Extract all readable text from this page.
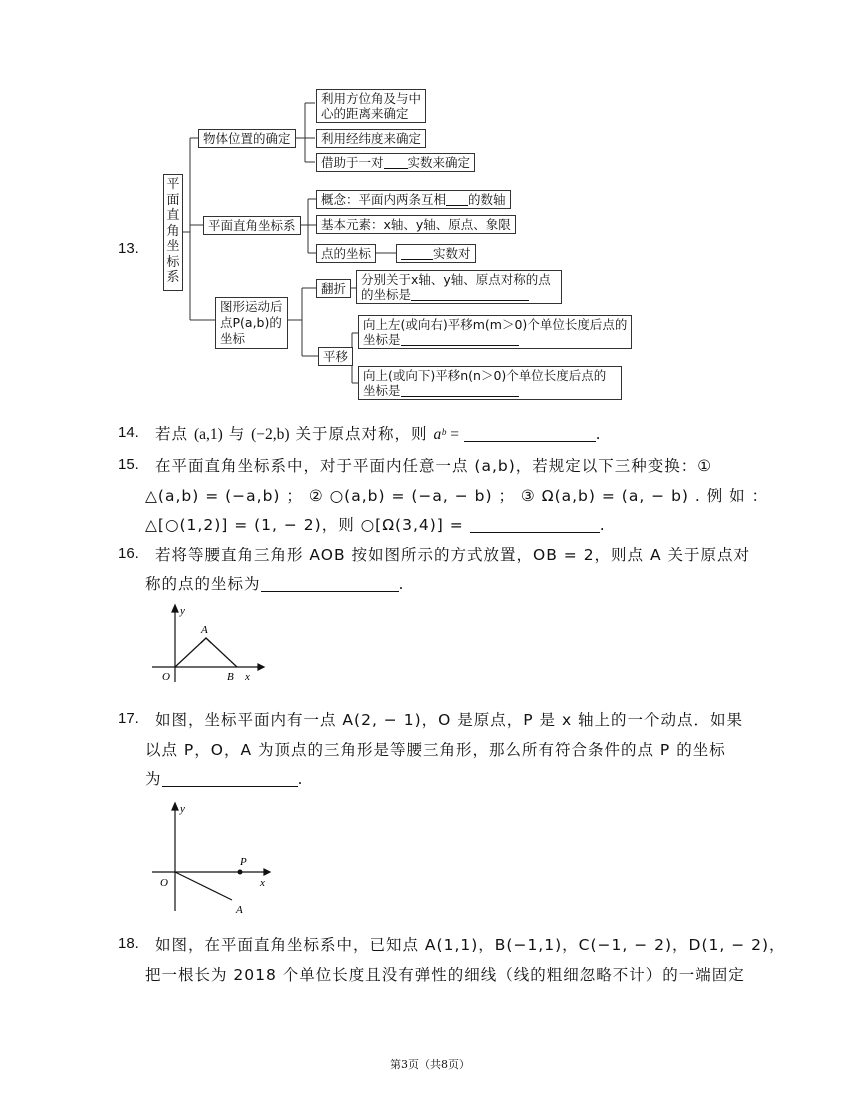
13.
平面直角坐标系
物体位置的确定
利用方位角及与中
心的距离来确定
利用经纬度来确定
借助于一对 实数来确定
平面直角坐标系
概念：平面内两条互相 的数轴
基本元素：x轴、y轴、原点、象限
点的坐标	实数对
图形运动后
点P(a,b)的
坐标
翻折
分别关于x轴、y轴、原点对称的点
的坐标是
平移
向上左(或向右)平移m(m＞0)个单位长度后点的
坐标是
向上(或向下)平移n(n＞0)个单位长度后点的
坐标是
14. 若点 (a,1) 与 (−2,b) 关于原点对称，则 aᵇ =	.
15. 在平面直角坐标系中，对于平面内任意一点 (a,b)，若规定以下三种变换：①
△(a,b) = (−a,b) ； ② ○(a,b) = (−a, − b) ； ③ Ω(a,b) = (a, − b) . 例 如 ：
△[○(1,2)] = (1, − 2)，则 ○[Ω(3,4)] =	.
16. 若将等腰直角三角形 AOB 按如图所示的方式放置，OB = 2，则点 A 关于原点对
称的点的坐标为	.
y
x
O
A
B
17. 如图，坐标平面内有一点 A(2, − 1)，O 是原点，P 是 x 轴上的一个动点．如果
以点 P，O，A 为顶点的三角形是等腰三角形，那么所有符合条件的点 P 的坐标
为	.
y
x
O
P
A
18. 如图，在平面直角坐标系中，已知点 A(1,1)，B(−1,1)，C(−1, − 2)，D(1, − 2)，
把一根长为 2018 个单位长度且没有弹性的细线（线的粗细忽略不计）的一端固定
第3页（共8页）
